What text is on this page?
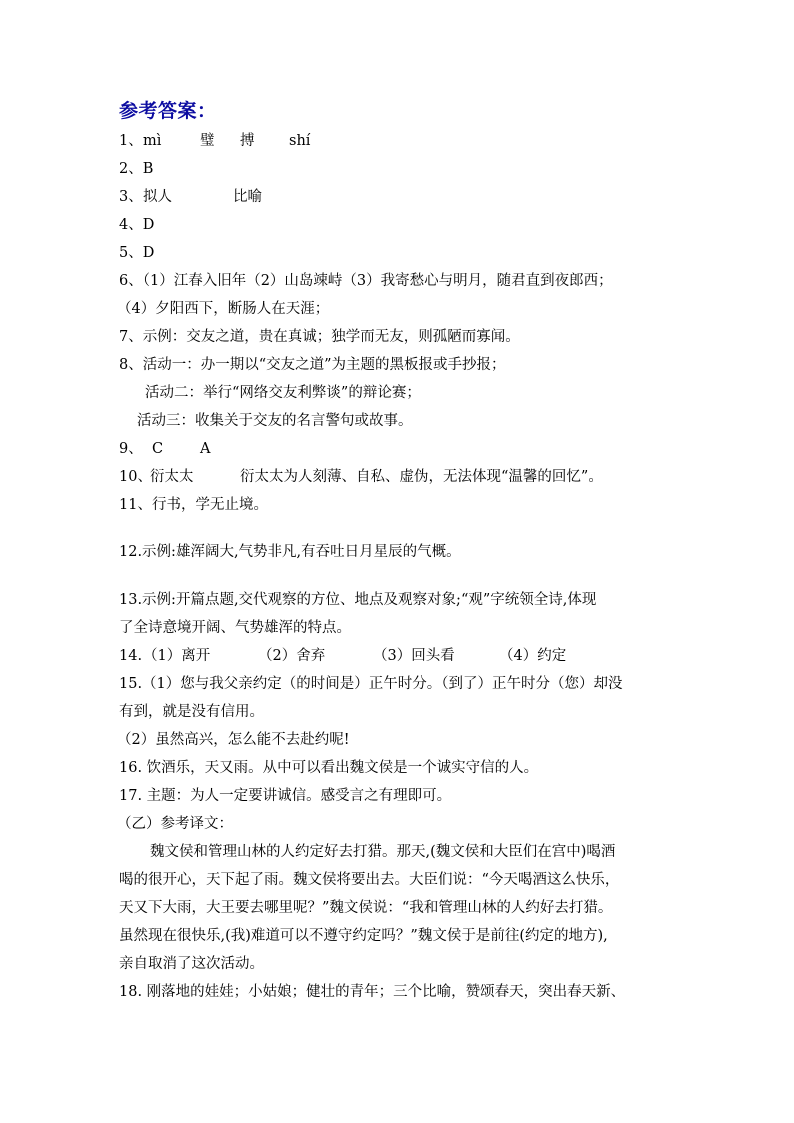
参考答案：
1、 mì	璧 搏 shí
2、B
3、 拟人	比喻
4、D
5、D
6、（1）江春入旧年（2）山岛竦峙（3）我寄愁心与明月，随君直到夜郎西；
（4）夕阳西下，断肠人在天涯；
7、示例：交友之道，贵在真诚；独学而无友，则孤陋而寡闻。
8、活动一：办一期以“交友之道”为主题的黑板报或手抄报；
活动二：举行“网络交友利弊谈”的辩论赛；
活动三：收集关于交友的名言警句或故事。
9、 C	A
10、
衍太太	衍太太为人刻薄、自私、虚伪，无法体现“温馨的回忆”。
11、行书，学无止境。
12.示例:雄浑阔大,气势非凡,有吞吐日月星辰的气概。
13.示例:开篇点题,交代观察的方位、地点及观察对象;“观”字统领全诗,体现
了全诗意境开阔、气势雄浑的特点。
14. （1）离开	（2）舍弃	（3）回头看	（4）约定
15.（1）您与我父亲约定（的时间是）正午时分。（到了）正午时分（您）却没
有到，就是没有信用。
（2）虽然高兴，怎么能不去赴约呢!
16. 饮酒乐，天又雨。从中可以看出魏文侯是一个诚实守信的人。
17. 主题：为人一定要讲诚信。感受言之有理即可。
（乙）参考译文：
魏文侯和管理山林的人约定好去打猎。那天,(魏文侯和大臣们在宫中)喝酒
喝的很开心，天下起了雨。魏文侯将要出去。大臣们说：“今天喝酒这么快乐，
天又下大雨，大王要去哪里呢？”魏文侯说：“我和管理山林的人约好去打猎。
虽然现在很快乐,(我)难道可以不遵守约定吗？”魏文侯于是前往(约定的地方),
亲自取消了这次活动。
18. 刚落地的娃娃；小姑娘；健壮的青年；三个比喻，赞颂春天，突出春天新、
